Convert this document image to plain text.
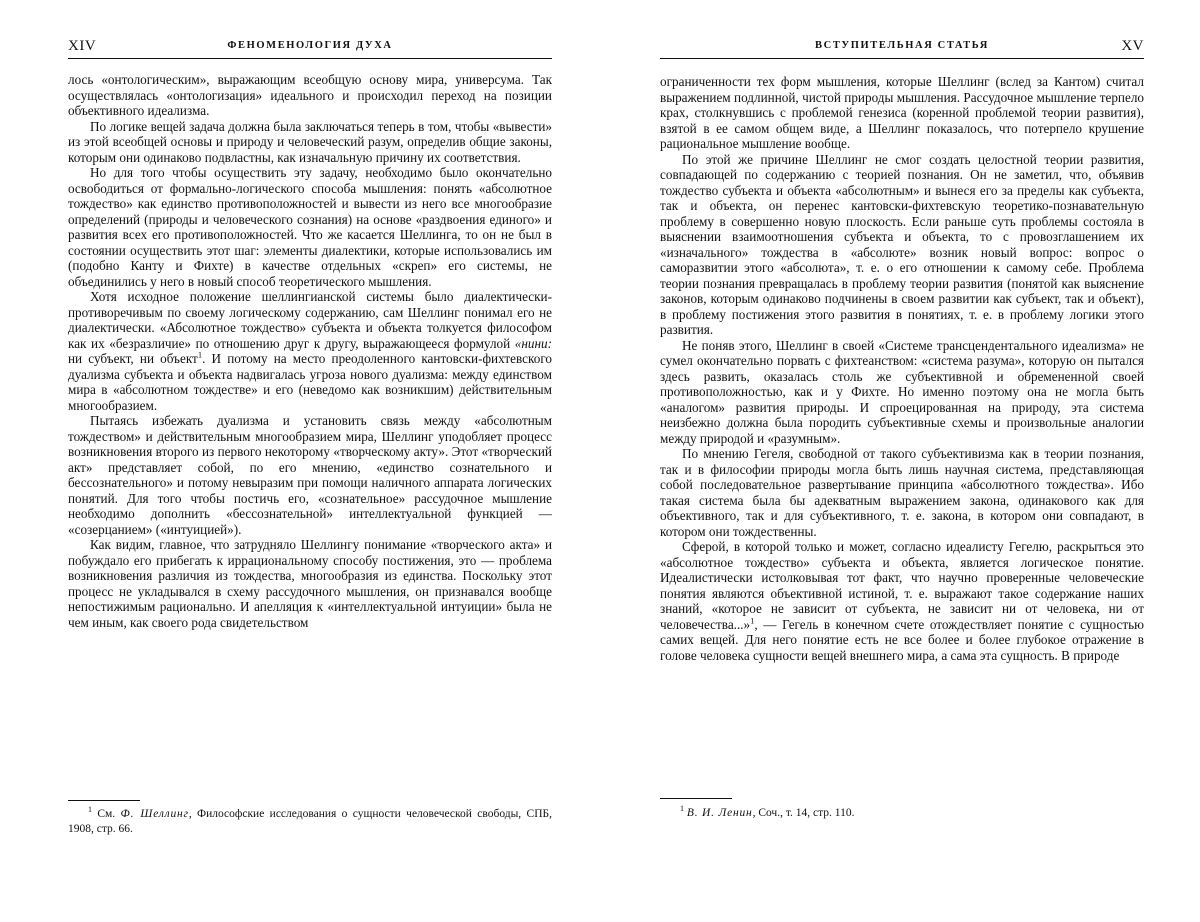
XIV	ФЕНОМЕНОЛОГИЯ ДУХА

лось «онтологическим», выражающим всеобщую основу мира, универсума. Так осуществлялась «онтологизация» идеального и происходил переход на позиции объективного идеализма.

По логике вещей задача должна была заключаться теперь в том, чтобы «вывести» из этой всеобщей основы и природу и человеческий разум, определив общие законы, которым они одинаково подвластны, как изначальную причину их соответствия.

Но для того чтобы осуществить эту задачу, необходимо было окончательно освободиться от формально-логического способа мышления: понять «абсолютное тождество» как единство противоположностей и вывести из него все многообразие определений (природы и человеческого сознания) на основе «раздвоения единого» и развития всех его противоположностей. Что же касается Шеллинга, то он не был в состоянии осуществить этот шаг: элементы диалектики, которые использовались им (подобно Канту и Фихте) в качестве отдельных «скреп» его системы, не объединились у него в новый способ теоретического мышления.

Хотя исходное положение шеллингианской системы было диалектически-противоречивым по своему логическому содержанию, сам Шеллинг понимал его не диалектически. «Абсолютное тождество» субъекта и объекта толкуется философом как их «безразличие» по отношению друг к другу, выражающееся формулой «нини: ни субъект, ни объект$^1$. И потому на место преодоленного кантовски-фихтевского дуализма субъекта и объекта надвигалась угроза нового дуализма: между единством мира в «абсолютном тождестве» и его (неведомо как возникшим) действительным многообразием.

Пытаясь избежать дуализма и установить связь между «абсолютным тождеством» и действительным многообразием мира, Шеллинг уподобляет процесс возникновения второго из первого некоторому «творческому акту». Этот «творческий акт» представляет собой, по его мнению, «единство сознательного и бессознательного» и потому невыразим при помощи наличного аппарата логических понятий. Для того чтобы постичь его, «сознательное» рассудочное мышление необходимо дополнить «бессознательной» интеллектуальной функцией — «созерцанием» («интуицией»).

Как видим, главное, что затрудняло Шеллингу понимание «творческого акта» и побуждало его прибегать к иррациональному способу постижения, это — проблема возникновения различия из тождества, многообразия из единства. Поскольку этот процесс не укладывался в схему рассудочного мышления, он признавался вообще непостижимым рационально. И апелляция к «интеллектуальной интуиции» была не чем иным, как своего рода свидетельством

$^1$ См. Ф. Шеллинг, Философские исследования о сущности человеческой свободы, СПБ, 1908, стр. 66.
ВСТУПИТЕЛЬНАЯ СТАТЬЯ	XV

ограниченности тех форм мышления, которые Шеллинг (вслед за Кантом) считал выражением подлинной, чистой природы мышления. Рассудочное мышление терпело крах, столкнувшись с проблемой генезиса (коренной проблемой теории развития), взятой в ее самом общем виде, а Шеллинг показалось, что потерпело крушение рациональное мышление вообще.

По этой же причине Шеллинг не смог создать целостной теории развития, совпадающей по содержанию с теорией познания. Он не заметил, что, объявив тождество субъекта и объекта «абсолютным» и вынеся его за пределы как субъекта, так и объекта, он перенес кантовски-фихтевскую теоретико-познавательную проблему в совершенно новую плоскость. Если раньше суть проблемы состояла в выяснении взаимоотношения субъекта и объекта, то с провозглашением их «изначального» тождества в «абсолюте» возник новый вопрос: вопрос о саморазвитии этого «абсолюта», т. е. о его отношении к самому себе. Проблема теории познания превращалась в проблему теории развития (понятой как выяснение законов, которым одинаково подчинены в своем развитии как субъект, так и объект), в проблему постижения этого развития в понятиях, т. е. в проблему логики этого развития.

Не поняв этого, Шеллинг в своей «Системе трансцендентального идеализма» не сумел окончательно порвать с фихтеанством: «система разума», которую он пытался здесь развить, оказалась столь же субъективной и обремененной своей противоположностью, как и у Фихте. Но именно поэтому она не могла быть «аналогом» развития природы. И спроецированная на природу, эта система неизбежно должна была породить субъективные схемы и произвольные аналогии между природой и «разумным».

По мнению Гегеля, свободной от такого субъективизма как в теории познания, так и в философии природы могла быть лишь научная система, представляющая собой последовательное развертывание принципа «абсолютного тождества». Ибо такая система была бы адекватным выражением закона, одинакового как для объективного, так и для субъективного, т. е. закона, в котором они совпадают, в котором они тождественны.

Сферой, в которой только и может, согласно идеалисту Гегелю, раскрыться это «абсолютное тождество» субъекта и объекта, является логическое понятие. Идеалистически истолковывая тот факт, что научно проверенные человеческие понятия являются объективной истиной, т. е. выражают такое содержание наших знаний, «которое не зависит от субъекта, не зависит ни от человека, ни от человечества...»$^1$, — Гегель в конечном счете отождествляет понятие с сущностью самих вещей. Для него понятие есть не все более и более глубокое отражение в голове человека сущности вещей внешнего мира, а сама эта сущность. В природе

$^1$ В. И. Ленин, Соч., т. 14, стр. 110.
